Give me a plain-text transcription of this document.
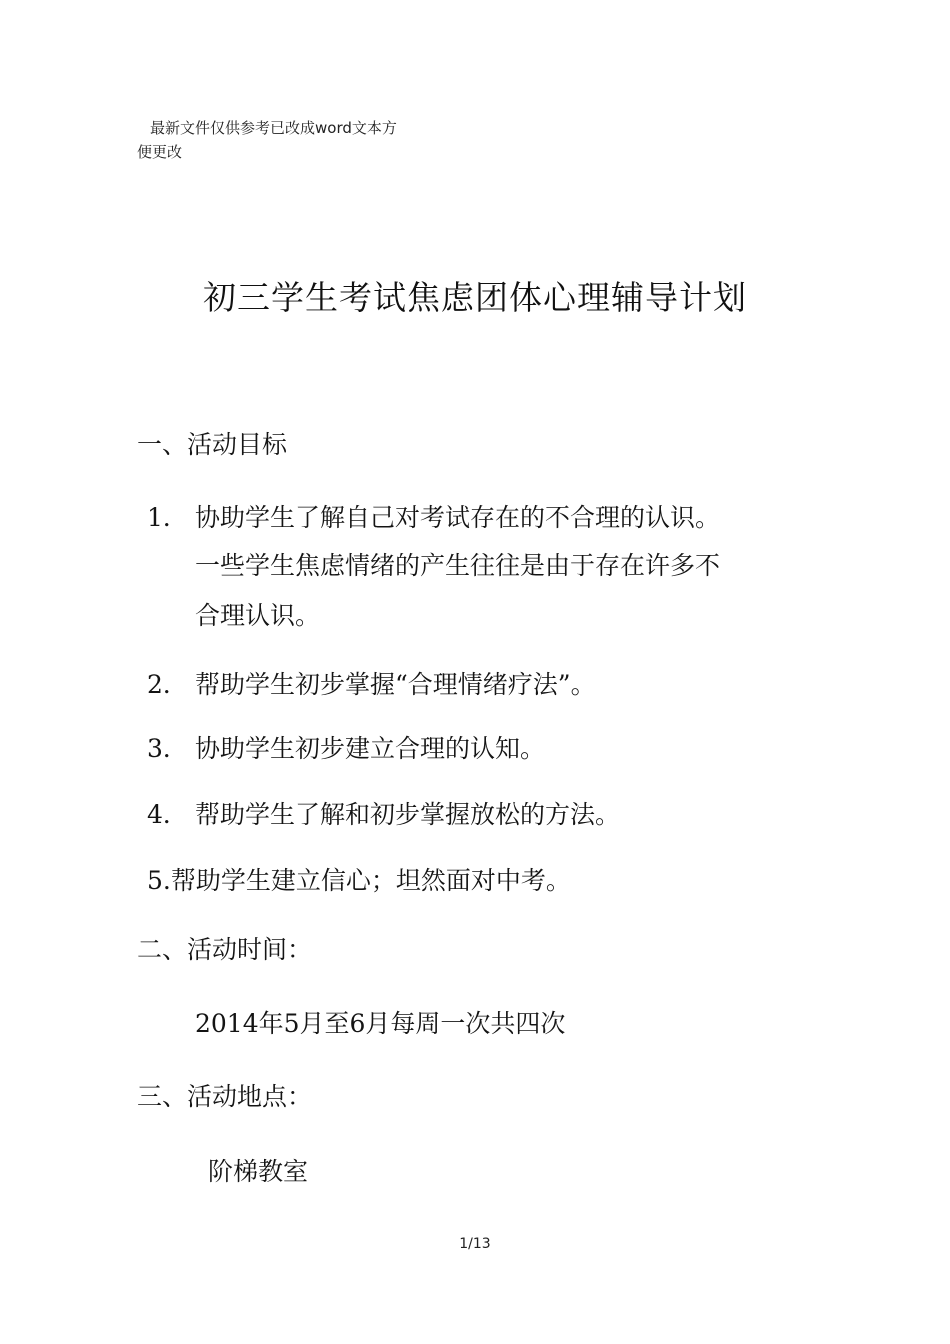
最新文件仅供参考已改成word文本方
便更改
初三学生考试焦虑团体心理辅导计划
一、活动目标
1． 协助学生了解自己对考试存在的不合理的认识。
一些学生焦虑情绪的产生往往是由于存在许多不
合理认识。
2． 帮助学生初步掌握“合理情绪疗法”。
3． 协助学生初步建立合理的认知。
4． 帮助学生了解和初步掌握放松的方法。
5.帮助学生建立信心；坦然面对中考。
二、活动时间：
2014年5月至6月每周一次共四次
三、活动地点：
阶梯教室
1/13
